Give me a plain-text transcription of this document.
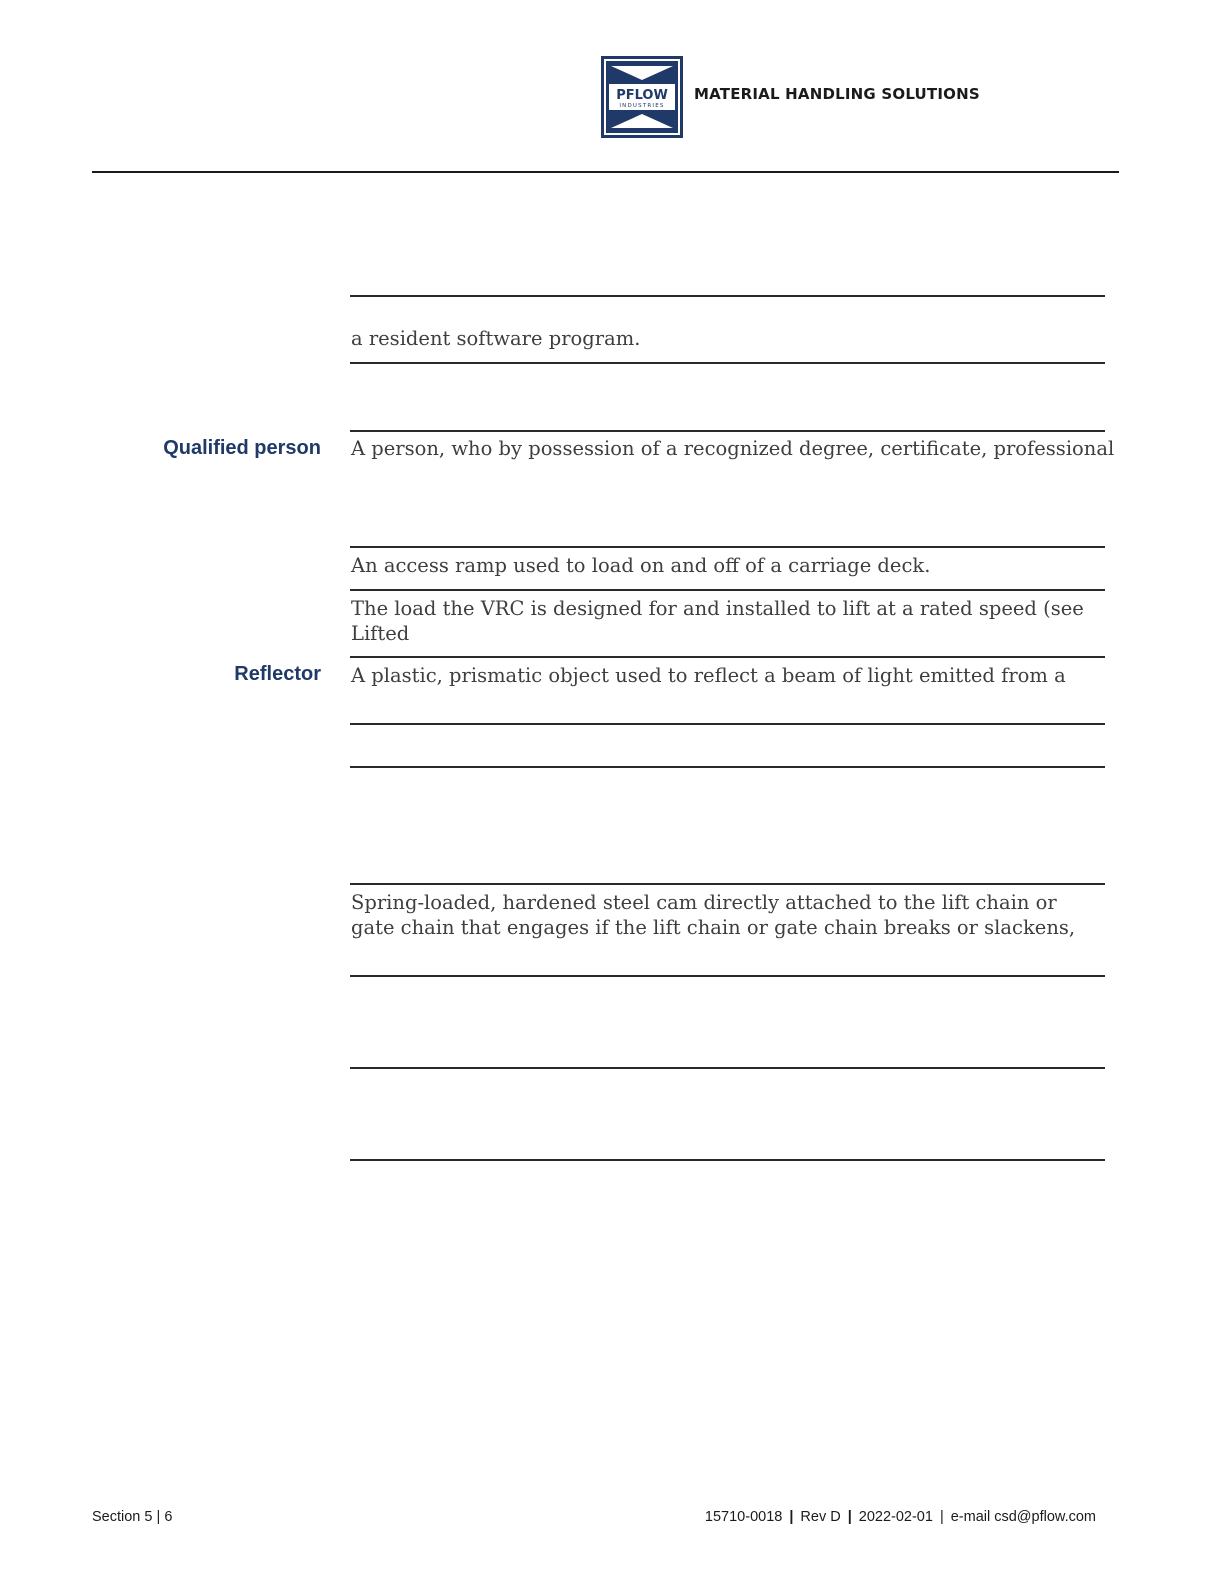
PFLOW
INDUSTRIES
MATERIAL HANDLING SOLUTIONS
a resident software program.
Qualified person A person, who by possession of a recognized degree, certificate, professional
An access ramp used to load on and off of a carriage deck.
The load the VRC is designed for and installed to lift at a rated speed (see
Lifted
Reflector A plastic, prismatic object used to reflect a beam of light emitted from a
Spring-loaded, hardened steel cam directly attached to the lift chain or
gate chain that engages if the lift chain or gate chain breaks or slackens,
Section 5 | 6	15710-0018 | Rev D | 2022-02-01 | e-mail csd@pflow.com
